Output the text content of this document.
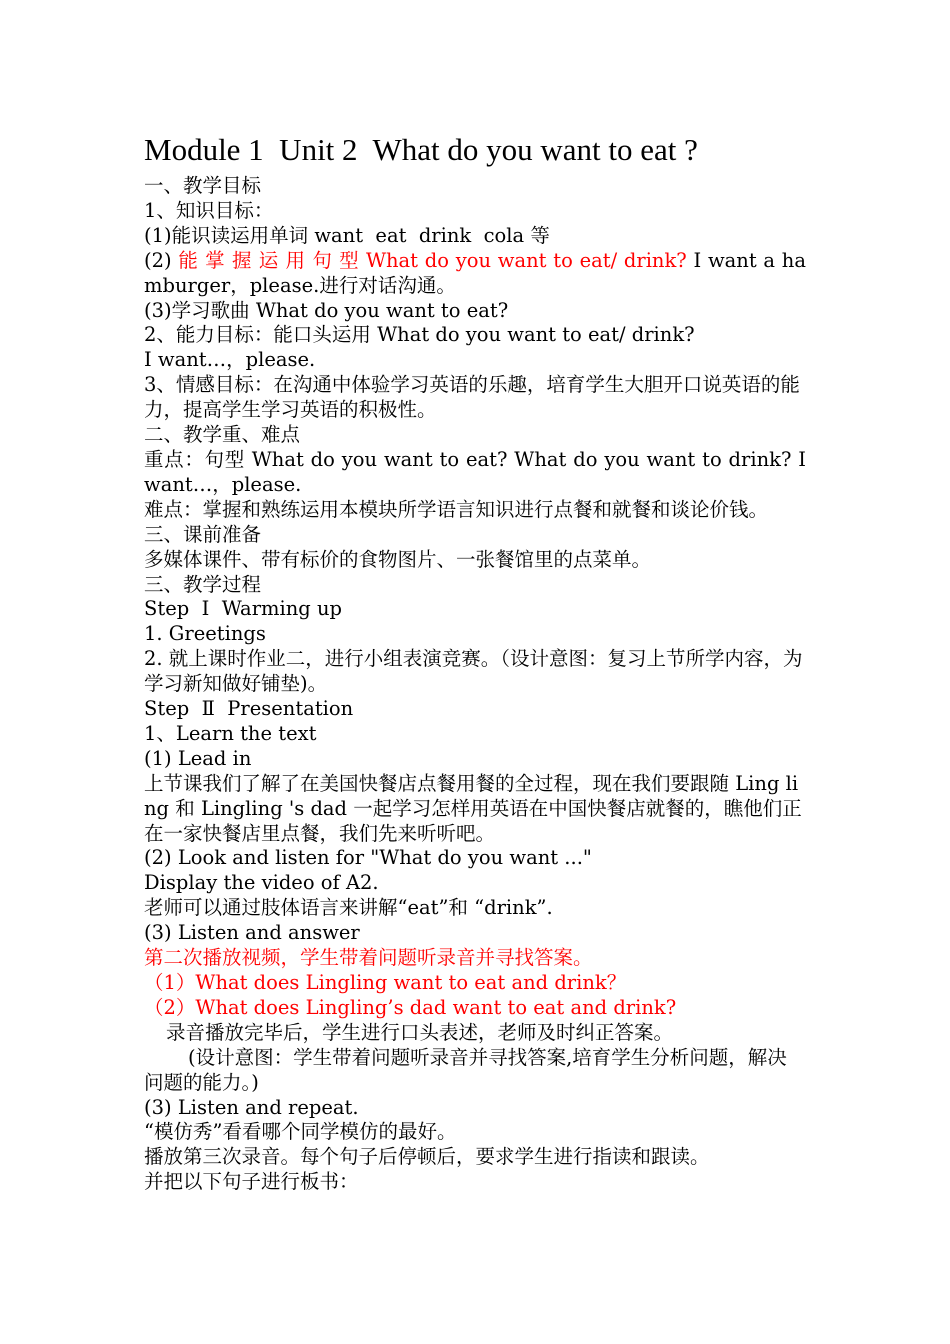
Module 1  Unit 2  What do you want to eat ?
一、教学目标
1、知识目标：
(1)能识读运用单词 want  eat  drink  cola 等
(2) 能 掌 握 运 用 句 型 What do you want to eat/ drink? I want a hamburger，please.进行对话沟通。
(3)学习歌曲 What do you want to eat?
2、能力目标：能口头运用 What do you want to eat/ drink?
I want…，please.
3、情感目标：在沟通中体验学习英语的乐趣，培育学生大胆开口说英语的能力，提高学生学习英语的积极性。
二、教学重、难点
重点：句型 What do you want to eat? What do you want to drink? I want…，please.
难点：掌握和熟练运用本模块所学语言知识进行点餐和就餐和谈论价钱。
三、课前准备
多媒体课件、带有标价的食物图片、一张餐馆里的点菜单。
三、教学过程
Step  Ⅰ  Warming up
1. Greetings
2. 就上课时作业二，进行小组表演竞赛。（设计意图：复习上节所学内容，为学习新知做好铺垫)。
Step  Ⅱ  Presentation
1、Learn the text
(1) Lead in
上节课我们了解了在美国快餐店点餐用餐的全过程，现在我们要跟随 Ling ling 和 Lingling 's dad 一起学习怎样用英语在中国快餐店就餐的，瞧他们正在一家快餐店里点餐，我们先来听听吧。
(2) Look and listen for "What do you want ..."
Display the video of A2.
老师可以通过肢体语言来讲解“eat”和 “drink”.
(3) Listen and answer
第二次播放视频，学生带着问题听录音并寻找答案。
（1）What does Lingling want to eat and drink？
（2）What does Lingling’s dad want to eat and drink?
录音播放完毕后，学生进行口头表述，老师及时纠正答案。
(设计意图：学生带着问题听录音并寻找答案,培育学生分析问题，解决问题的能力。)
(3) Listen and repeat.
“模仿秀”看看哪个同学模仿的最好。
播放第三次录音。每个句子后停顿后，要求学生进行指读和跟读。
并把以下句子进行板书：
